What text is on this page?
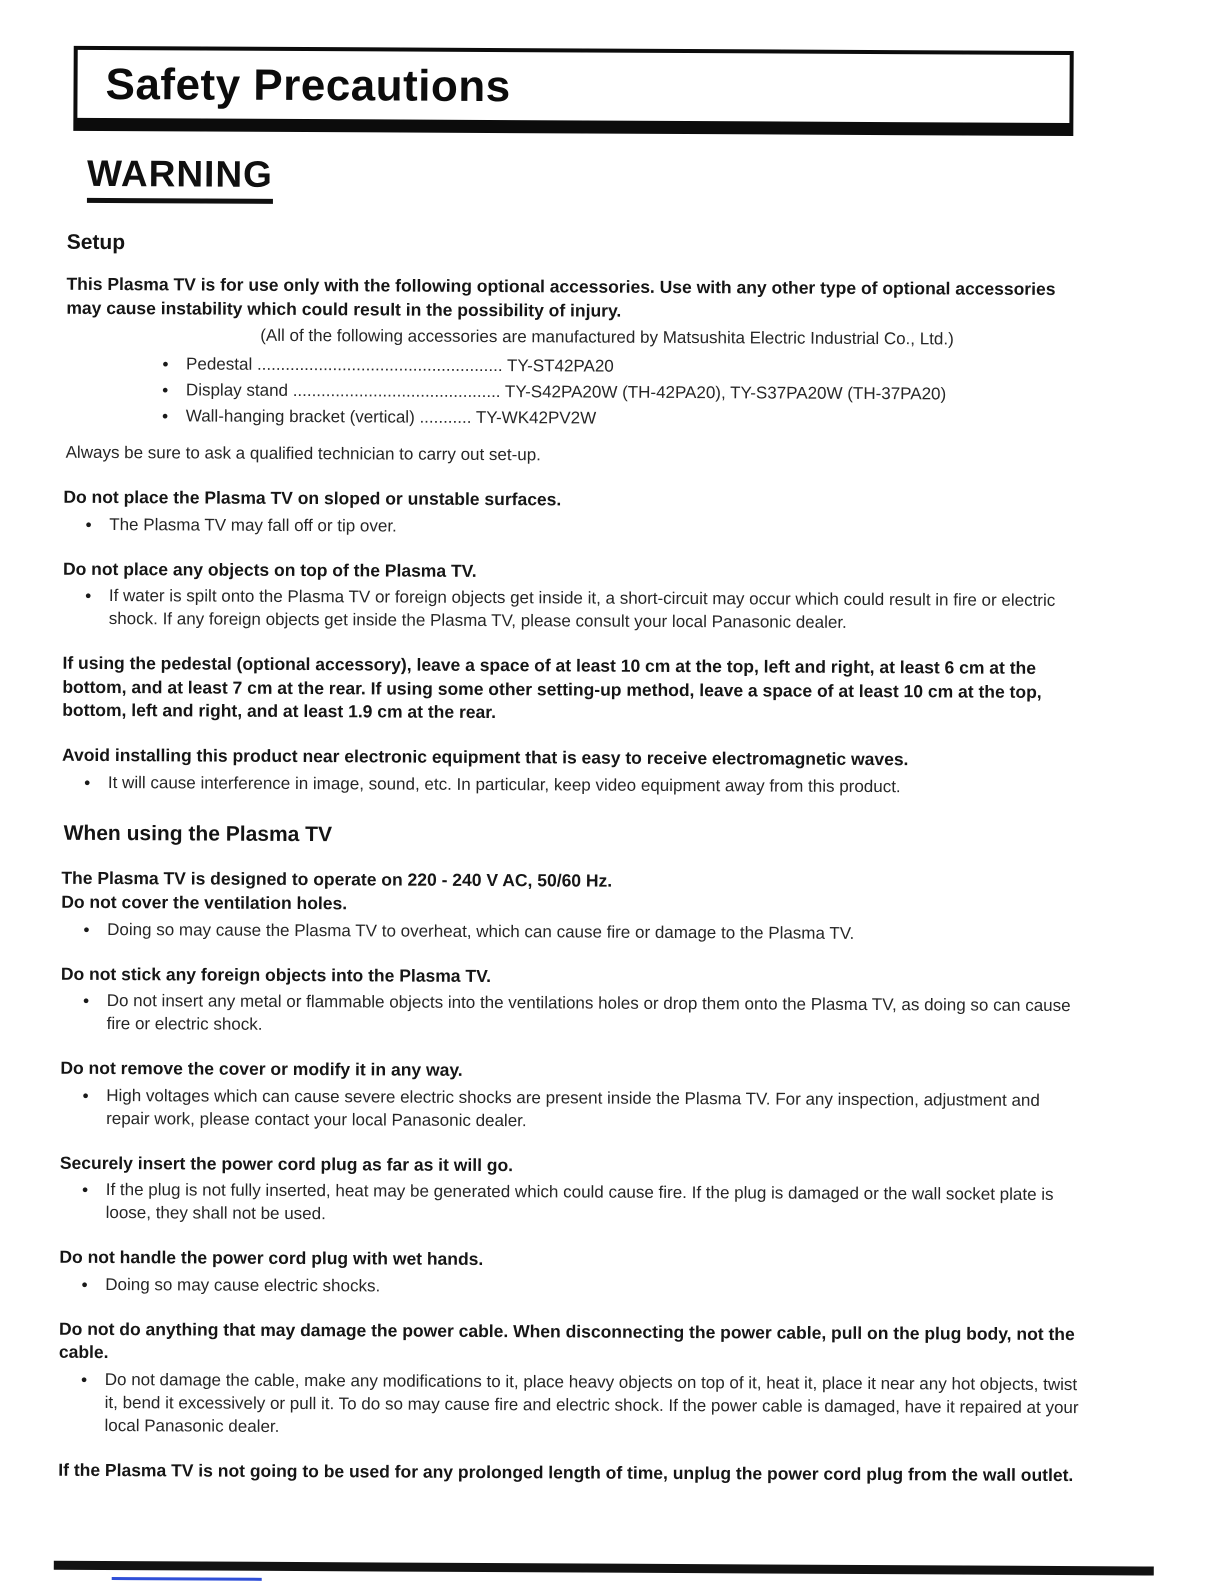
Safety Precautions
WARNING
Setup

This Plasma TV is for use only with the following optional accessories. Use with any other type of optional accessories may cause instability which could result in the possibility of injury.

(All of the following accessories are manufactured by Matsushita Electric Industrial Co., Ltd.)

● Pedestal .................................................... TY-ST42PA20
● Display stand ............................................ TY-S42PA20W (TH-42PA20), TY-S37PA20W (TH-37PA20)
● Wall-hanging bracket (vertical) ........... TY-WK42PV2W

Always be sure to ask a qualified technician to carry out set-up.

Do not place the Plasma TV on sloped or unstable surfaces.
● The Plasma TV may fall off or tip over.
Do not place any objects on top of the Plasma TV.
● If water is spilt onto the Plasma TV or foreign objects get inside it, a short-circuit may occur which could result in fire or electric shock. If any foreign objects get inside the Plasma TV, please consult your local Panasonic dealer.
If using the pedestal (optional accessory), leave a space of at least 10 cm at the top, left and right, at least 6 cm at the bottom, and at least 7 cm at the rear. If using some other setting-up method, leave a space of at least 10 cm at the top, bottom, left and right, and at least 1.9 cm at the rear.
Avoid installing this product near electronic equipment that is easy to receive electromagnetic waves.
● It will cause interference in image, sound, etc. In particular, keep video equipment away from this product.
When using the Plasma TV
The Plasma TV is designed to operate on 220 - 240 V AC, 50/60 Hz.
Do not cover the ventilation holes.
● Doing so may cause the Plasma TV to overheat, which can cause fire or damage to the Plasma TV.
Do not stick any foreign objects into the Plasma TV.
● Do not insert any metal or flammable objects into the ventilations holes or drop them onto the Plasma TV, as doing so can cause fire or electric shock.
Do not remove the cover or modify it in any way.
● High voltages which can cause severe electric shocks are present inside the Plasma TV. For any inspection, adjustment and repair work, please contact your local Panasonic dealer.
Securely insert the power cord plug as far as it will go.
● If the plug is not fully inserted, heat may be generated which could cause fire. If the plug is damaged or the wall socket plate is loose, they shall not be used.
Do not handle the power cord plug with wet hands.
● Doing so may cause electric shocks.
Do not do anything that may damage the power cable. When disconnecting the power cable, pull on the plug body, not the cable.
● Do not damage the cable, make any modifications to it, place heavy objects on top of it, heat it, place it near any hot objects, twist it, bend it excessively or pull it. To do so may cause fire and electric shock. If the power cable is damaged, have it repaired at your local Panasonic dealer.
If the Plasma TV is not going to be used for any prolonged length of time, unplug the power cord plug from the wall outlet.
